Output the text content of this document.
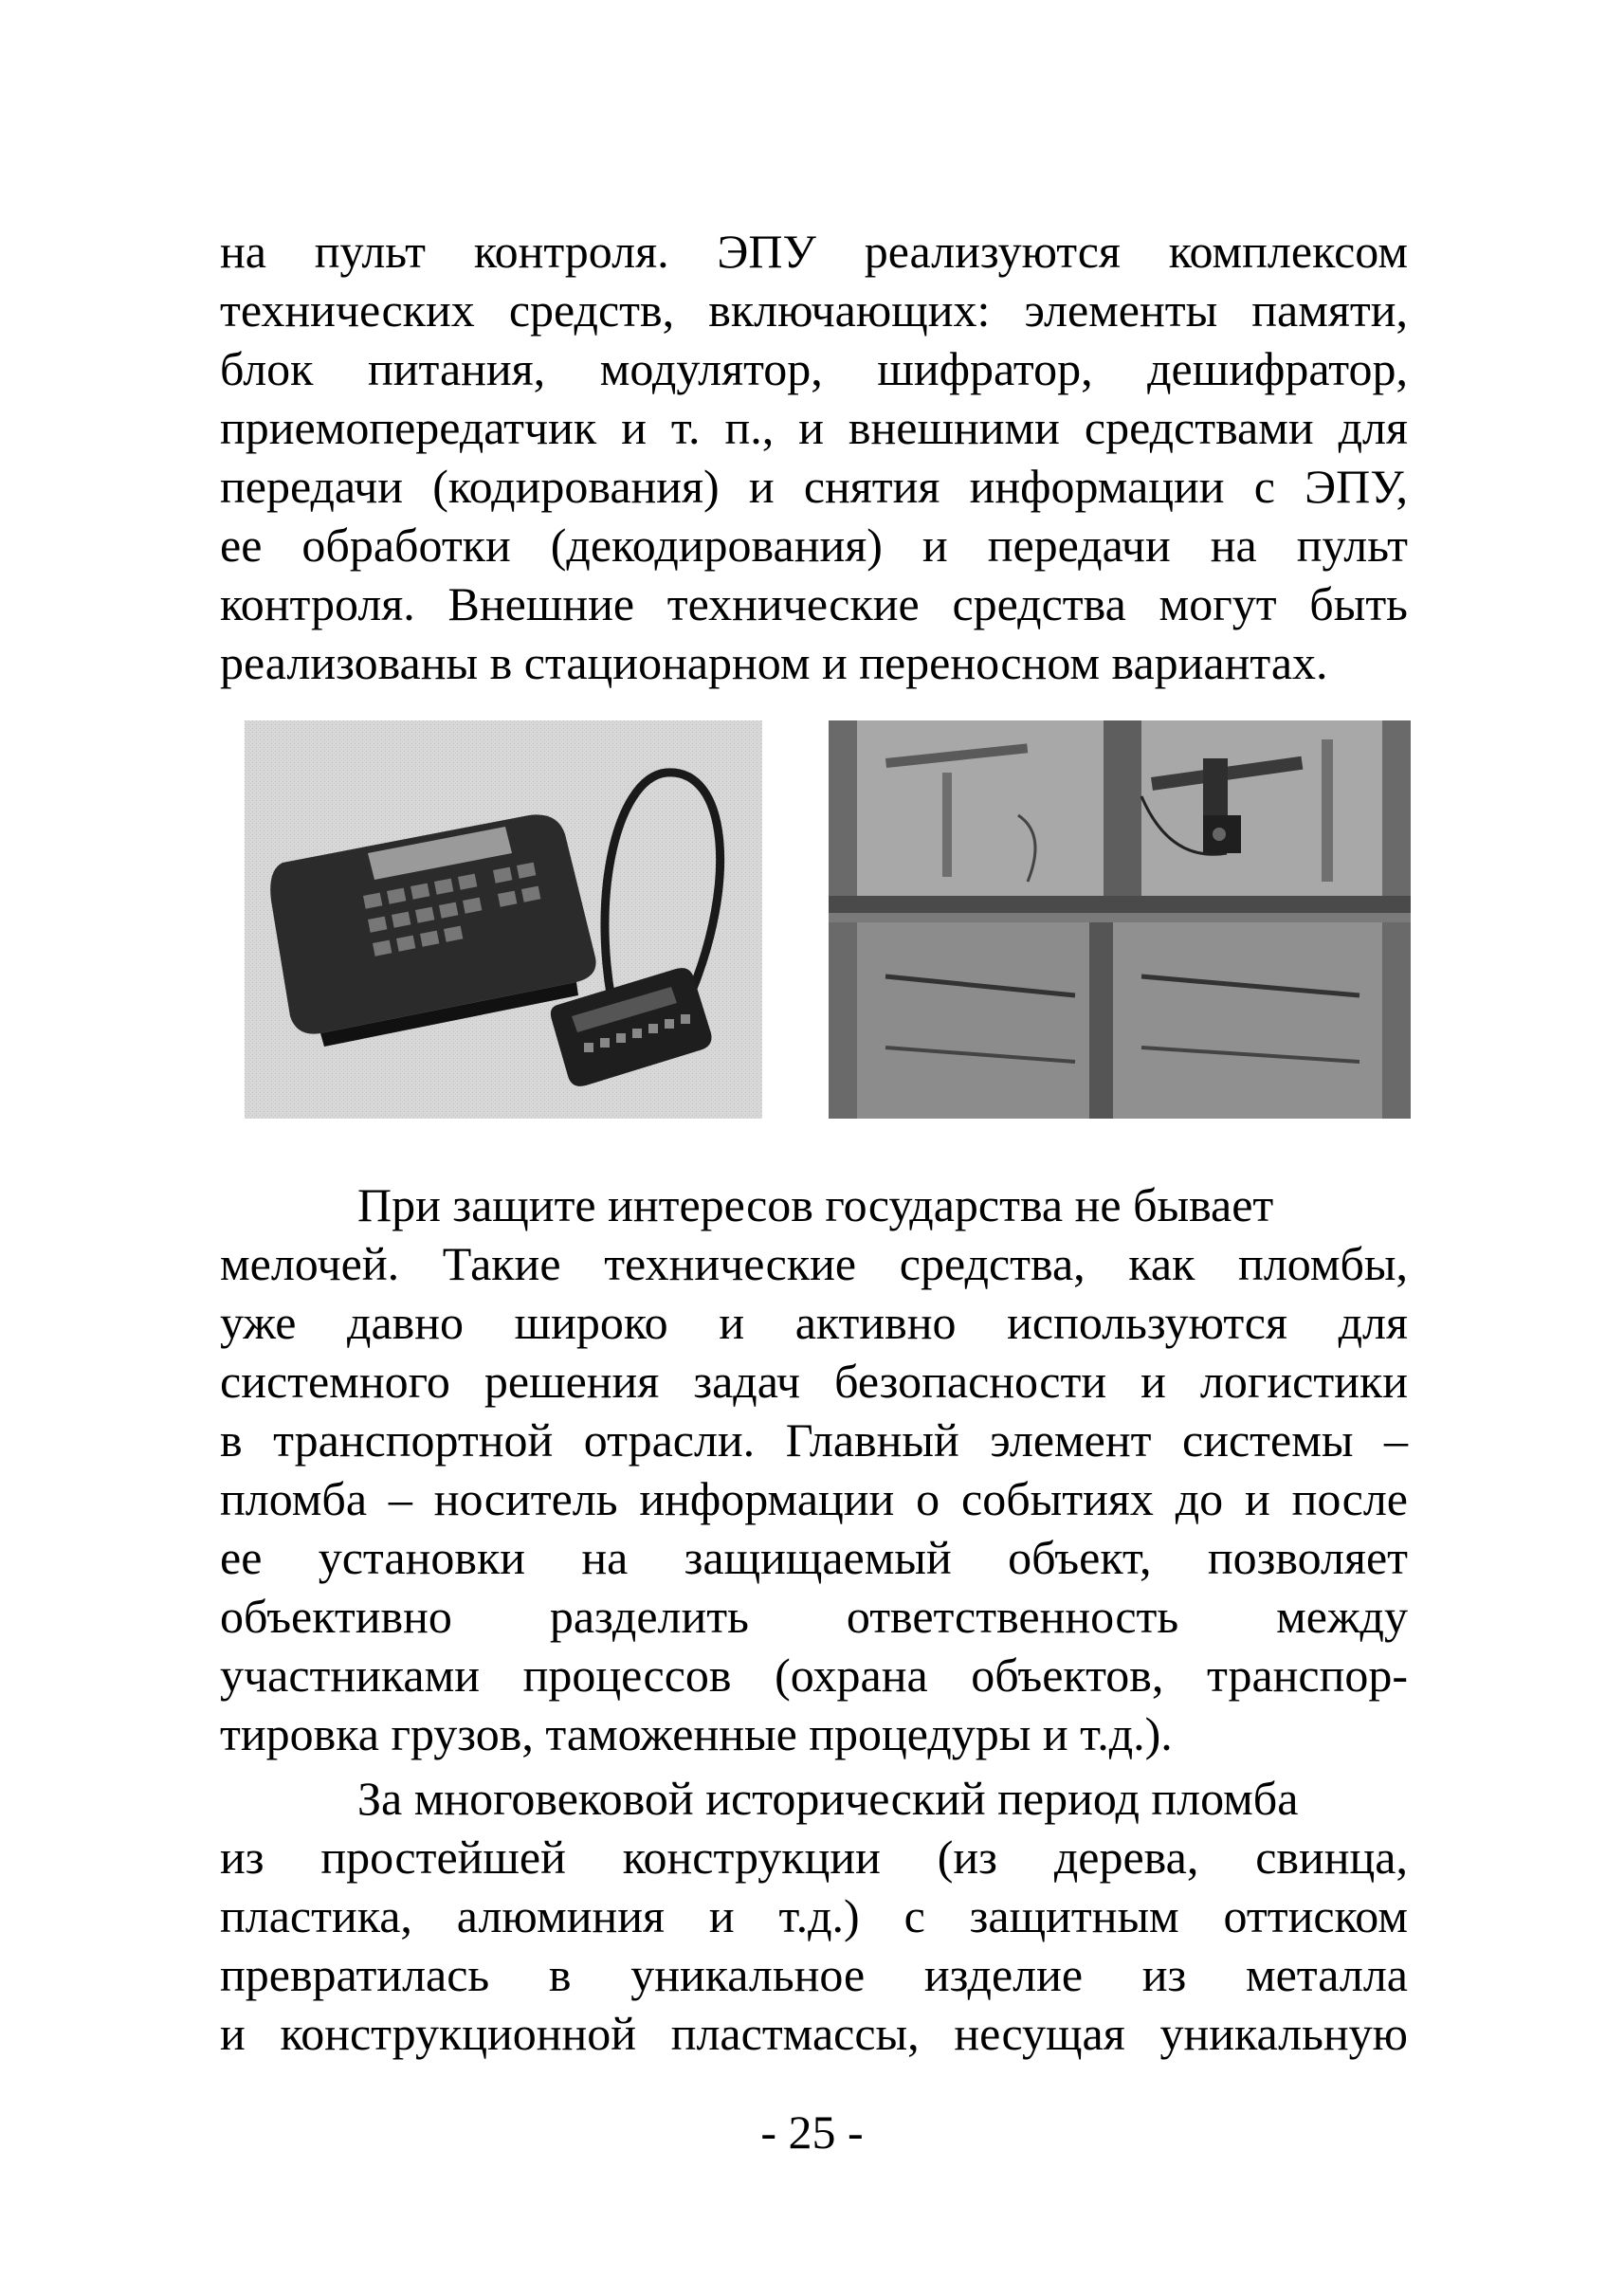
на пульт контроля. ЭПУ реализуются комплексом
технических средств, включающих: элементы памяти,
блок питания, модулятор, шифратор, дешифратор,
приемопередатчик и т. п., и внешними средствами для
передачи (кодирования) и снятия информации с ЭПУ,
ее обработки (декодирования) и передачи на пульт
контроля. Внешние технические средства могут быть
реализованы в стационарном и переносном вариантах.
При защите интересов государства не бывает
мелочей. Такие технические средства, как пломбы,
уже давно широко и активно используются для
системного решения задач безопасности и логистики
в транспортной отрасли. Главный элемент системы –
пломба – носитель информации о событиях до и после
ее установки на защищаемый объект, позволяет
объективно разделить ответственность между
участниками процессов (охрана объектов, транспор-
тировка грузов, таможенные процедуры и т.д.).
За многовековой исторический период пломба
из простейшей конструкции (из дерева, свинца,
пластика, алюминия и т.д.) с защитным оттиском
превратилась в уникальное изделие из металла
и конструкционной пластмассы, несущая уникальную
- 25 -
